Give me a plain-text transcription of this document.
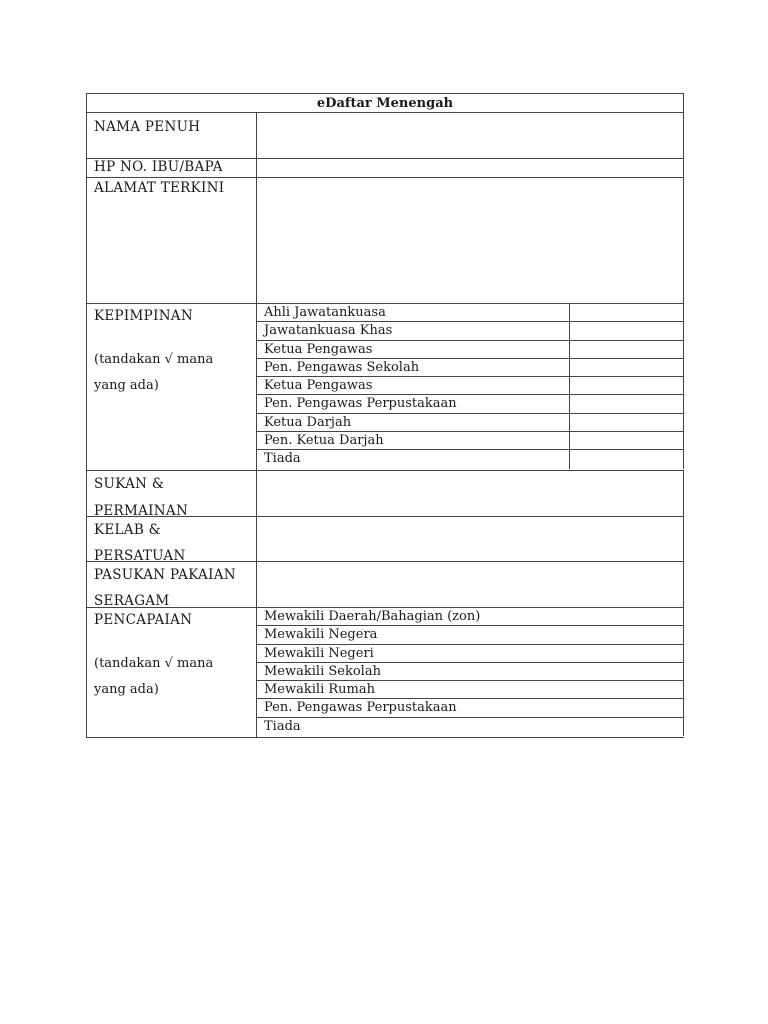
eDaftar Menengah
NAMA PENUH
HP NO. IBU/BAPA
ALAMAT TERKINI
KEPIMPINAN
(tandakan √ mana yang ada)
Ahli Jawatankuasa
Jawatankuasa Khas
Ketua Pengawas
Pen. Pengawas Sekolah
Ketua Pengawas
Pen. Pengawas Perpustakaan
Ketua Darjah
Pen. Ketua Darjah
Tiada
SUKAN & PERMAINAN
KELAB & PERSATUAN
PASUKAN PAKAIAN SERAGAM
PENCAPAIAN
(tandakan √ mana yang ada)
Mewakili Daerah/Bahagian (zon)
Mewakili Negera
Mewakili Negeri
Mewakili Sekolah
Mewakili Rumah
Pen. Pengawas Perpustakaan
Tiada
